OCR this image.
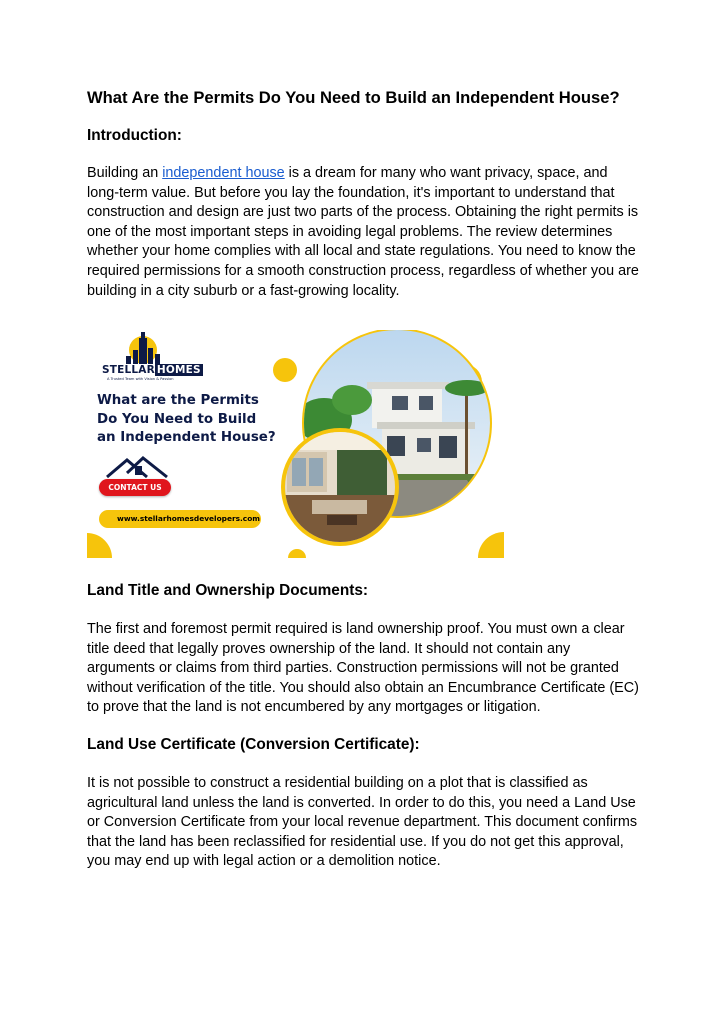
What Are the Permits Do You Need to Build an Independent House?
Introduction:

Building an independent house is a dream for many who want privacy, space, and long-term value. But before you lay the foundation, it's important to understand that construction and design are just two parts of the process. Obtaining the right permits is one of the most important steps in avoiding legal problems. The review determines whether your home complies with all local and state regulations. You need to know the required permissions for a smooth construction process, regardless of whether you are building in a city suburb or a fast-growing locality.

STELLAR HOMES
A Trusted Team with Vision & Passion
What are the Permits
Do You Need to Build
an Independent House?
CONTACT US
www.stellarhomesdevelopers.com
Land Title and Ownership Documents:

The first and foremost permit required is land ownership proof. You must own a clear title deed that legally proves ownership of the land. It should not contain any arguments or claims from third parties. Construction permissions will not be granted without verification of the title. You should also obtain an Encumbrance Certificate (EC) to prove that the land is not encumbered by any mortgages or litigation.

Land Use Certificate (Conversion Certificate):

It is not possible to construct a residential building on a plot that is classified as agricultural land unless the land is converted. In order to do this, you need a Land Use or Conversion Certificate from your local revenue department. This document confirms that the land has been reclassified for residential use. If you do not get this approval, you may end up with legal action or a demolition notice.
